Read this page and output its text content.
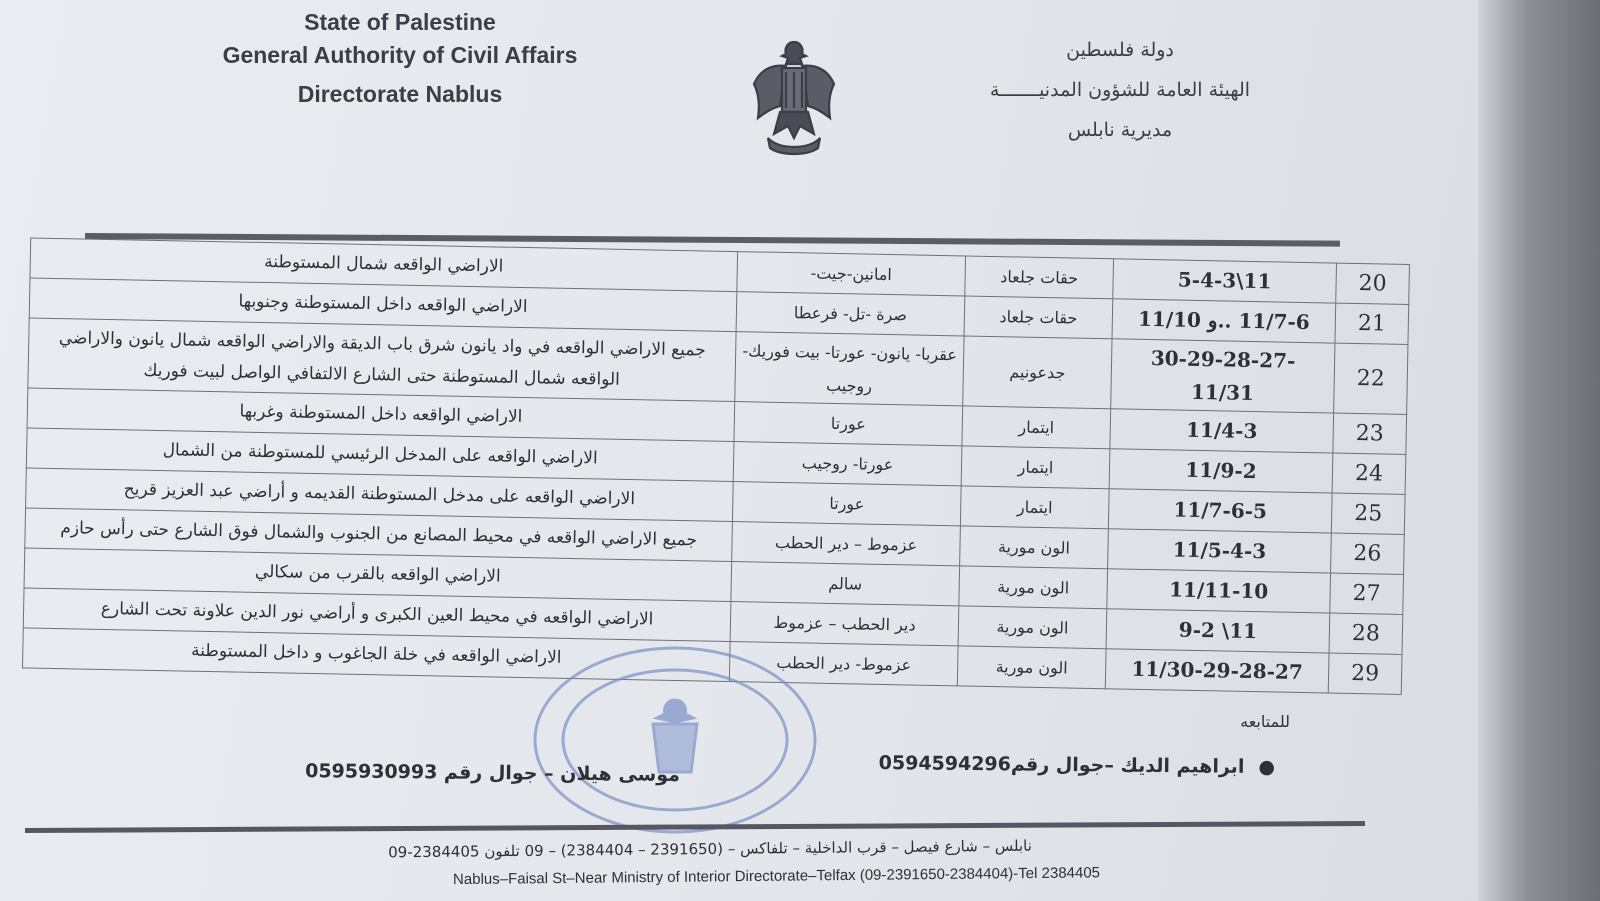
State of Palestine
General Authority of Civil Affairs
Directorate Nablus
دولة فلسطين
الهيئة العامة للشؤون المدنيـــــــة
مديرية نابلس
20	11\5-4-3	حقات جلعاد	امانين-جيت-	الاراضي الواقعه شمال المستوطنة
21	11/7-6 ..و 11/10	حقات جلعاد	صرة -تل- فرعطا	الاراضي الواقعه داخل المستوطنة وجنوبها
22	-30-29-28-27 11/31	جدعونيم	عقربا- يانون- عورتا- بيت فوريك- روجيب	جميع الاراضي الواقعه في واد يانون شرق باب الديقة والاراضي الواقعه شمال يانون والاراضي الواقعه شمال المستوطنة حتى الشارع الالتفافي الواصل لبيت فوريك
23	11/4-3	ايتمار	عورتا	الاراضي الواقعه داخل المستوطنة وغربها
24	11/9-2	ايتمار	عورتا- روجيب	الاراضي الواقعه على المدخل الرئيسي للمستوطنة من الشمال
25	11/7-6-5	ايتمار	عورتا	الاراضي الواقعه على مدخل المستوطنة القديمه و أراضي عبد العزيز قريح
26	11/5-4-3	الون مورية	عزموط – دير الحطب	جميع الاراضي الواقعه في محيط المصانع من الجنوب والشمال فوق الشارع حتى رأس حازم
27	11/11-10	الون مورية	سالم	الاراضي الواقعه بالقرب من سكالي
28	11\ 9-2	الون مورية	دير الحطب – عزموط	الاراضي الواقعه في محيط العين الكبرى و أراضي نور الدين علاونة تحت الشارع
29	11/30-29-28-27	الون مورية	عزموط- دير الحطب	الاراضي الواقعه في خلة الجاغوب و داخل المستوطنة
للمتابعه
●ابراهيم الديك –جوال رقم0594594296
موسى هيلان – جوال رقم 0595930993
نابلس – شارع فيصل – قرب الداخلية – تلفاكس – (2391650 – 2384404) – 09 تلفون 2384405-09
Nablus–Faisal St–Near Ministry of Interior Directorate–Telfax (09-2391650-2384404)-Tel 2384405
